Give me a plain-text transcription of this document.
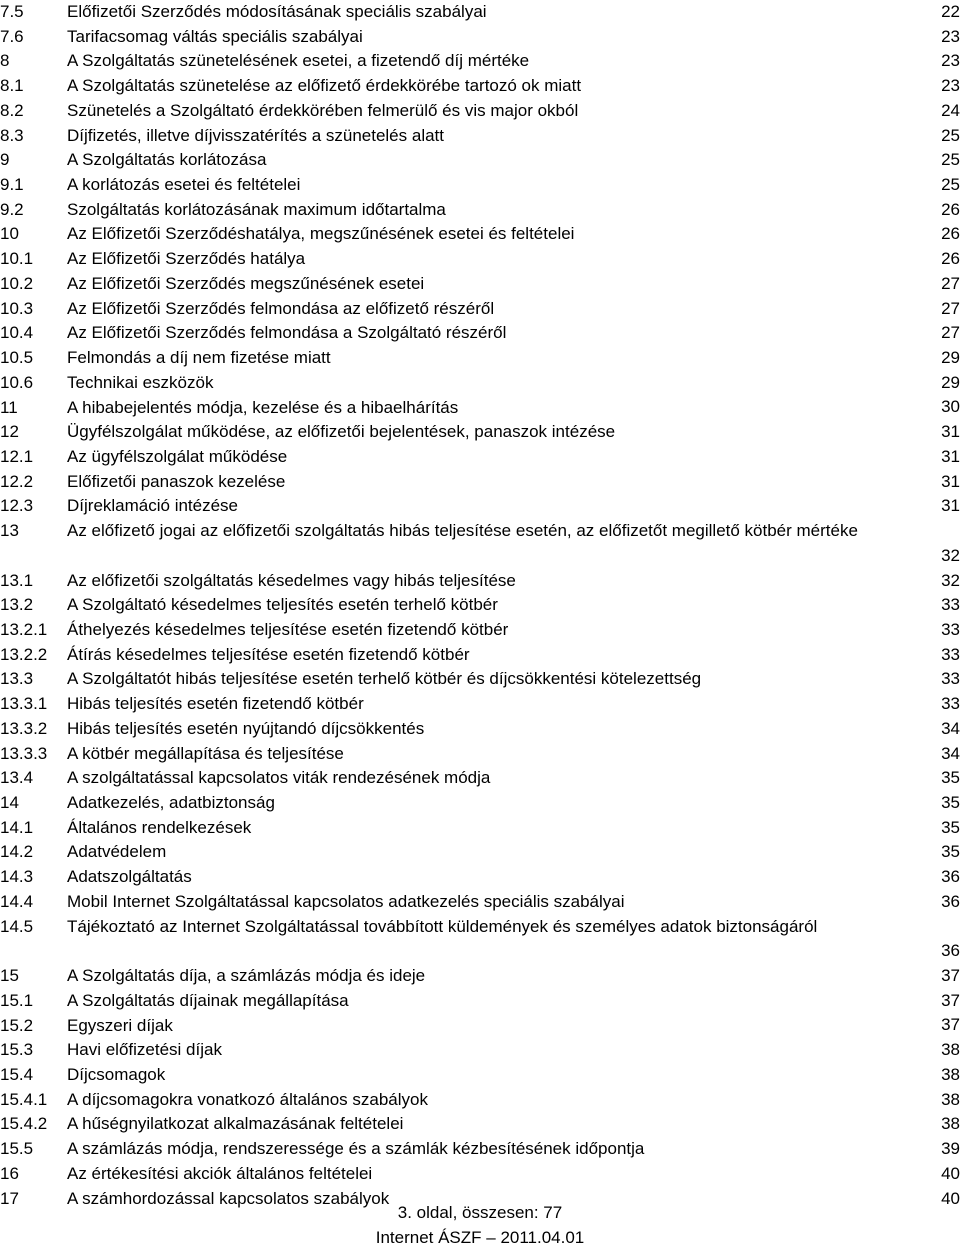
7.5	Előfizetői Szerződés módosításának speciális szabályai	22
7.6	Tarifacsomag váltás speciális szabályai	23
8	A Szolgáltatás szünetelésének esetei, a fizetendő díj mértéke	23
8.1	A Szolgáltatás szünetelése az előfizető érdekkörébe tartozó ok miatt	23
8.2	Szünetelés a Szolgáltató érdekkörében felmerülő és vis major okból	24
8.3	Díjfizetés, illetve díjvisszatérítés a szünetelés alatt	25
9	A Szolgáltatás korlátozása	25
9.1	A korlátozás esetei és feltételei	25
9.2	Szolgáltatás korlátozásának maximum időtartalma	26
10	Az Előfizetői Szerződéshatálya, megszűnésének esetei és feltételei	26
10.1 Az Előfizetői Szerződés hatálya	26
10.2 Az Előfizetői Szerződés megszűnésének esetei	27
10.3 Az Előfizetői Szerződés felmondása az előfizető részéről	27
10.4 Az Előfizetői Szerződés felmondása a Szolgáltató részéről	27
10.5 Felmondás a díj nem fizetése miatt	29
10.6 Technikai eszközök	29
11	A hibabejelentés módja, kezelése és a hibaelhárítás	30
12	Ügyfélszolgálat működése, az előfizetői bejelentések, panaszok intézése	31
12.1 Az ügyfélszolgálat működése	31
12.2 Előfizetői panaszok kezelése	31
12.3 Díjreklamáció intézése	31
13	Az előfizető jogai az előfizetői szolgáltatás hibás teljesítése esetén, az előfizetőt megillető kötbér mértéke
32
13.1 Az előfizetői szolgáltatás késedelmes vagy hibás teljesítése	32
13.2 A Szolgáltató késedelmes teljesítés esetén terhelő kötbér	33
13.2.1 Áthelyezés késedelmes teljesítése esetén fizetendő kötbér	33
13.2.2 Átírás késedelmes teljesítése esetén fizetendő kötbér	33
13.3 A Szolgáltatót hibás teljesítése esetén terhelő kötbér és díjcsökkentési kötelezettség	33
13.3.1 Hibás teljesítés esetén fizetendő kötbér	33
13.3.2 Hibás teljesítés esetén nyújtandó díjcsökkentés	34
13.3.3 A kötbér megállapítása és teljesítése	34
13.4 A szolgáltatással kapcsolatos viták rendezésének módja	35
14	Adatkezelés, adatbiztonság	35
14.1 Általános rendelkezések	35
14.2 Adatvédelem	35
14.3 Adatszolgáltatás	36
14.4 Mobil Internet Szolgáltatással kapcsolatos adatkezelés speciális szabályai	36
14.5 Tájékoztató az Internet Szolgáltatással továbbított küldemények és személyes adatok biztonságáról
36
15	A Szolgáltatás díja, a számlázás módja és ideje	37
15.1 A Szolgáltatás díjainak megállapítása	37
15.2 Egyszeri díjak	37
15.3 Havi előfizetési díjak	38
15.4 Díjcsomagok	38
15.4.1 A díjcsomagokra vonatkozó általános szabályok	38
15.4.2 A hűségnyilatkozat alkalmazásának feltételei	38
15.5 A számlázás módja, rendszeressége és a számlák kézbesítésének időpontja	39
16	Az értékesítési akciók általános feltételei	40
17	A számhordozással kapcsolatos szabályok	40
3. oldal, összesen: 77
Internet ÁSZF – 2011.04.01
